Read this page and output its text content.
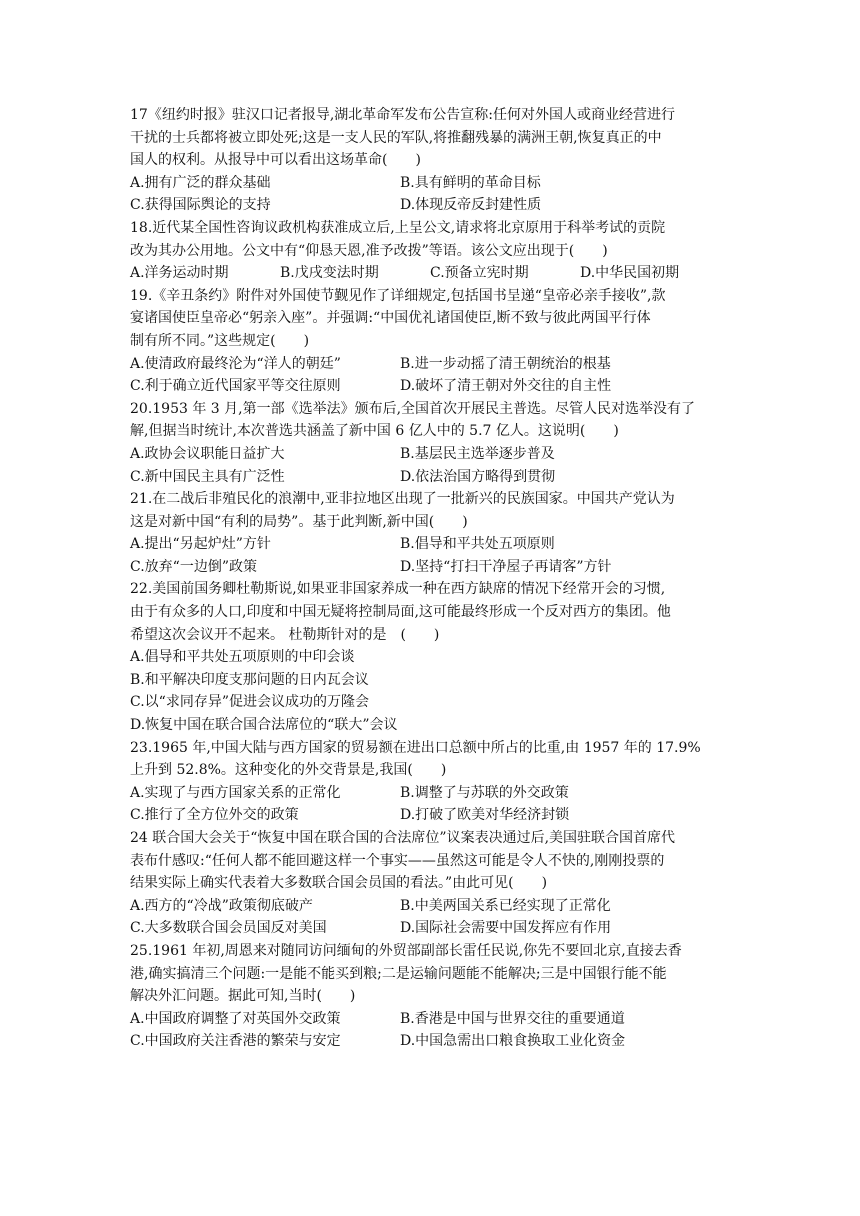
17《纽约时报》驻汉口记者报导,湖北革命军发布公告宣称:任何对外国人或商业经营进行
干扰的士兵都将被立即处死;这是一支人民的军队,将推翻残暴的满洲王朝,恢复真正的中
国人的权利。从报导中可以看出这场革命(　　)
A.拥有广泛的群众基础	B.具有鲜明的革命目标
C.获得国际舆论的支持	D.体现反帝反封建性质
18.近代某全国性咨询议政机构获准成立后,上呈公文,请求将北京原用于科举考试的贡院
改为其办公用地。公文中有“仰恳天恩,准予改拨”等语。该公文应出现于(　　)
A.洋务运动时期	B.戊戌变法时期	C.预备立宪时期	D.中华民国初期
19.《辛丑条约》附件对外国使节觐见作了详细规定,包括国书呈递“皇帝必亲手接收”,款
宴诸国使臣皇帝必“躬亲入座”。并强调:“中国优礼诸国使臣,断不致与彼此两国平行体
制有所不同。”这些规定(　　)
A.使清政府最终沦为“洋人的朝廷”	B.进一步动摇了清王朝统治的根基
C.利于确立近代国家平等交往原则	D.破坏了清王朝对外交往的自主性
20.1953 年 3 月,第一部《选举法》颁布后,全国首次开展民主普选。尽管人民对选举没有了
解,但据当时统计,本次普选共涵盖了新中国 6 亿人中的 5.7 亿人。这说明(　　)
A.政协会议职能日益扩大	B.基层民主选举逐步普及
C.新中国民主具有广泛性	D.依法治国方略得到贯彻
21.在二战后非殖民化的浪潮中,亚非拉地区出现了一批新兴的民族国家。中国共产党认为
这是对新中国“有利的局势”。基于此判断,新中国(　　)
A.提出“另起炉灶”方针	B.倡导和平共处五项原则
C.放弃“一边倒”政策	D.坚持“打扫干净屋子再请客”方针
22.美国前国务卿杜勒斯说,如果亚非国家养成一种在西方缺席的情况下经常开会的习惯,
由于有众多的人口,印度和中国无疑将控制局面,这可能最终形成一个反对西方的集团。他
希望这次会议开不起来。 杜勒斯针对的是　(　　)
A.倡导和平共处五项原则的中印会谈
B.和平解决印度支那问题的日内瓦会议
C.以“求同存异”促进会议成功的万隆会
D.恢复中国在联合国合法席位的“联大”会议
23.1965 年,中国大陆与西方国家的贸易额在进出口总额中所占的比重,由 1957 年的 17.9%
上升到 52.8%。这种变化的外交背景是,我国(　　)
A.实现了与西方国家关系的正常化	B.调整了与苏联的外交政策
C.推行了全方位外交的政策	D.打破了欧美对华经济封锁
24 联合国大会关于“恢复中国在联合国的合法席位”议案表决通过后,美国驻联合国首席代
表布什感叹:“任何人都不能回避这样一个事实——虽然这可能是令人不快的,刚刚投票的
结果实际上确实代表着大多数联合国会员国的看法。”由此可见(　　)
A.西方的“冷战”政策彻底破产	B.中美两国关系已经实现了正常化
C.大多数联合国会员国反对美国	D.国际社会需要中国发挥应有作用
25.1961 年初,周恩来对随同访问缅甸的外贸部副部长雷任民说,你先不要回北京,直接去香
港,确实搞清三个问题:一是能不能买到粮;二是运输问题能不能解决;三是中国银行能不能
解决外汇问题。据此可知,当时(　　)
A.中国政府调整了对英国外交政策	B.香港是中国与世界交往的重要通道
C.中国政府关注香港的繁荣与安定	D.中国急需出口粮食换取工业化资金
